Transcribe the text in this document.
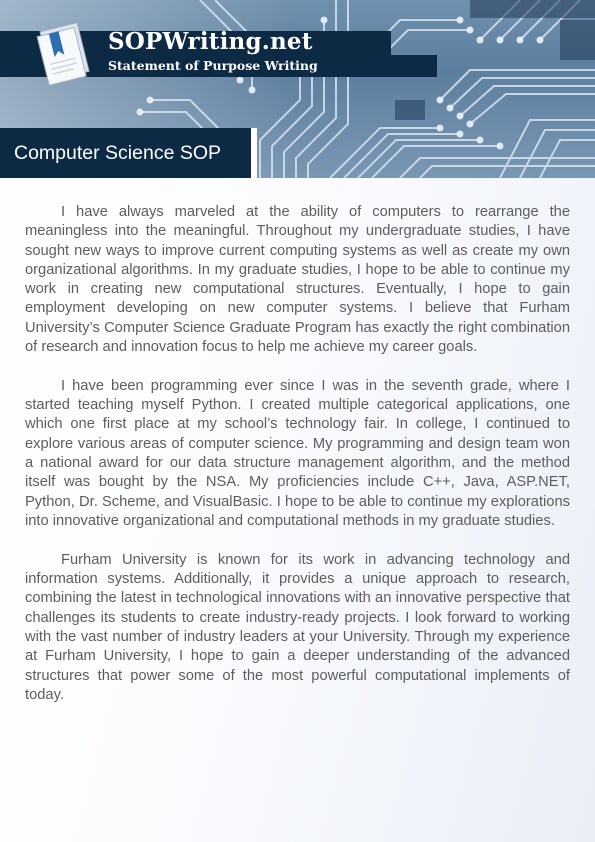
SOPWriting.net
Statement of Purpose Writing
Computer Science SOP

I have always marveled at the ability of computers to rearrange the meaningless into the meaningful. Throughout my undergraduate studies, I have sought new ways to improve current computing systems as well as create my own organizational algorithms. In my graduate studies, I hope to be able to continue my work in creating new computational structures. Eventually, I hope to gain employment developing on new computer systems. I believe that Furham University’s Computer Science Graduate Program has exactly the right combination of research and innovation focus to help me achieve my career goals.

I have been programming ever since I was in the seventh grade, where I started teaching myself Python. I created multiple categorical applications, one which one first place at my school’s technology fair. In college, I continued to explore various areas of computer science. My programming and design team won a national award for our data structure management algorithm, and the method itself was bought by the NSA. My proficiencies include C++, Java, ASP.NET, Python, Dr. Scheme, and VisualBasic. I hope to be able to continue my explorations into innovative organizational and computational methods in my graduate studies.

Furham University is known for its work in advancing technology and information systems. Additionally, it provides a unique approach to research, combining the latest in technological innovations with an innovative perspective that challenges its students to create industry-ready projects. I look forward to working with the vast number of industry leaders at your University. Through my experience at Furham University, I hope to gain a deeper understanding of the advanced structures that power some of the most powerful computational implements of today.
